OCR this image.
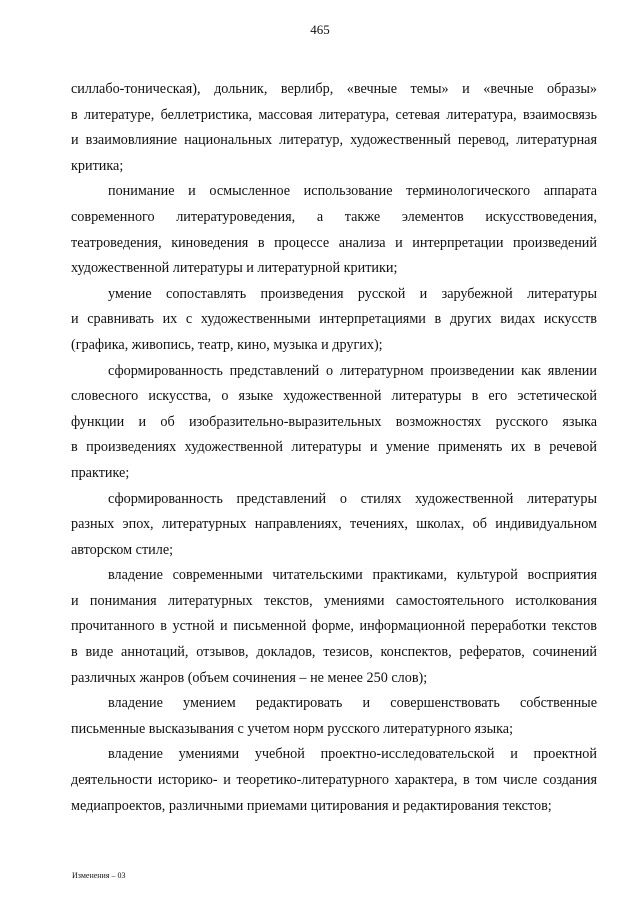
465
силлабо-тоническая), дольник, верлибр, «вечные темы» и «вечные образы»
в литературе, беллетристика, массовая литература, сетевая литература, взаимосвязь
и взаимовлияние национальных литератур, художественный перевод, литературная
критика;
понимание и осмысленное использование терминологического аппарата
современного литературоведения, а также элементов искусствоведения,
театроведения, киноведения в процессе анализа и интерпретации произведений
художественной литературы и литературной критики;
умение сопоставлять произведения русской и зарубежной литературы
и сравнивать их с художественными интерпретациями в других видах искусств
(графика, живопись, театр, кино, музыка и других);
сформированность представлений о литературном произведении как явлении
словесного искусства, о языке художественной литературы в его эстетической
функции и об изобразительно-выразительных возможностях русского языка
в произведениях художественной литературы и умение применять их в речевой
практике;
сформированность представлений о стилях художественной литературы
разных эпох, литературных направлениях, течениях, школах, об индивидуальном
авторском стиле;
владение современными читательскими практиками, культурой восприятия
и понимания литературных текстов, умениями самостоятельного истолкования
прочитанного в устной и письменной форме, информационной переработки текстов
в виде аннотаций, отзывов, докладов, тезисов, конспектов, рефератов, сочинений
различных жанров (объем сочинения – не менее 250 слов);
владение умением редактировать и совершенствовать собственные
письменные высказывания с учетом норм русского литературного языка;
владение умениями учебной проектно-исследовательской и проектной
деятельности историко- и теоретико-литературного характера, в том числе создания
медиапроектов, различными приемами цитирования и редактирования текстов;
Изменения – 03
